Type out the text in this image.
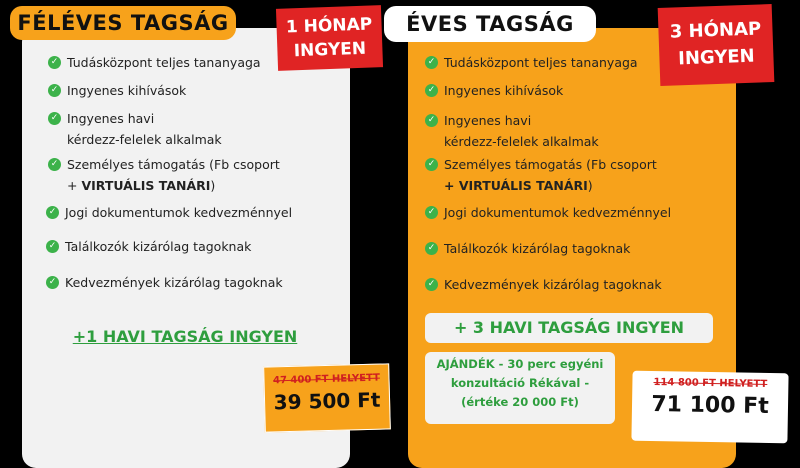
FÉLÉVES TAGSÁG	ÉVES TAGSÁG
1 HÓNAP
INGYEN
3 HÓNAP
INGYEN
✓ Tudásközpont teljes tananyaga
✓ Ingyenes kihívások
✓ Ingyenes havi
kérdezz-felelek alkalmak
✓ Személyes támogatás (Fb csoport
+ VIRTUÁLIS TANÁRI)
✓ Jogi dokumentumok kedvezménnyel
✓ Találkozók kizárólag tagoknak
✓ Kedvezmények kizárólag tagoknak
✓ Tudásközpont teljes tananyaga
✓ Ingyenes kihívások
✓ Ingyenes havi
kérdezz-felelek alkalmak
✓ Személyes támogatás (Fb csoport
+ VIRTUÁLIS TANÁRI)
✓ Jogi dokumentumok kedvezménnyel
✓ Találkozók kizárólag tagoknak
✓ Kedvezmények kizárólag tagoknak
+1 HAVI TAGSÁG INGYEN	+ 3 HAVI TAGSÁG INGYEN
AJÁNDÉK - 30 perc egyéni
konzultáció Rékával -
(értéke 20 000 Ft)
47 400 FT HELYETT
39 500 Ft
114 800 FT HELYETT
71 100 Ft
